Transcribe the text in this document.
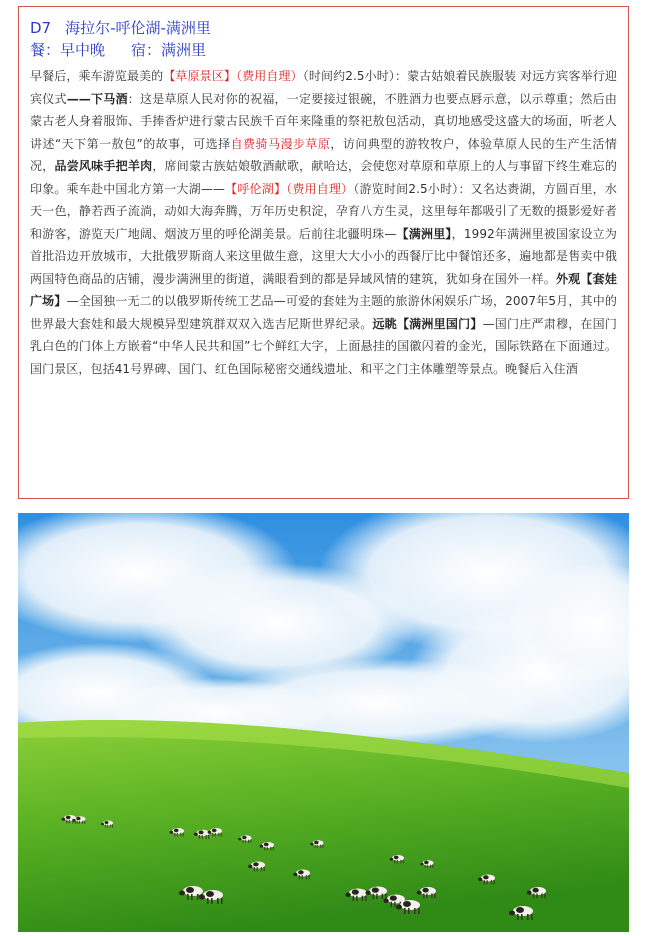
D7 海拉尔-呼伦湖-满洲里
餐：早中晚 宿：满洲里
早餐后，乘车游览最美的【草原景区】（费用自理）（时间约2.5小时）：蒙古姑娘着民族服装 对远方宾客举行迎宾仪式——下马酒：这是草原人民对你的祝福，一定要接过银碗，不胜酒力也要点唇示意，以示尊重；然后由蒙古老人身着服饰、手捧香炉进行蒙古民族千百年来隆重的祭祀敖包活动，真切地感受这盛大的场面，听老人讲述“天下第一敖包”的故事，可选择自费骑马漫步草原，访问典型的游牧牧户，体验草原人民的生产生活情况，品尝风味手把羊肉，席间蒙古族姑娘敬酒献歌，献哈达，会使您对草原和草原上的人与事留下终生难忘的印象。乘车赴中国北方第一大湖——【呼伦湖】（费用自理）（游览时间2.5小时）：又名达赉湖，方圆百里，水天一色，静若西子流淌，动如大海奔腾，万年历史积淀，孕育八方生灵，这里每年都吸引了无数的摄影爱好者和游客，游览天广地阔、烟波万里的呼伦湖美景。后前往北疆明珠—【满洲里】，1992年满洲里被国家设立为首批沿边开放城市，大批俄罗斯商人来这里做生意，这里大大小小的西餐厅比中餐馆还多，遍地都是售卖中俄两国特色商品的店铺，漫步满洲里的街道，满眼看到的都是异域风情的建筑，犹如身在国外一样。外观【套娃广场】—全国独一无二的以俄罗斯传统工艺品—可爱的套娃为主题的旅游休闲娱乐广场，2007年5月，其中的世界最大套娃和最大规模异型建筑群双双入选吉尼斯世界纪录。远眺【满洲里国门】—国门庄严肃穆，在国门乳白色的门体上方嵌着“中华人民共和国”七个鲜红大字，上面悬挂的国徽闪着的金光，国际铁路在下面通过。国门景区，包括41号界碑、国门、红色国际秘密交通线遗址、和平之门主体雕塑等景点。晚餐后入住酒
